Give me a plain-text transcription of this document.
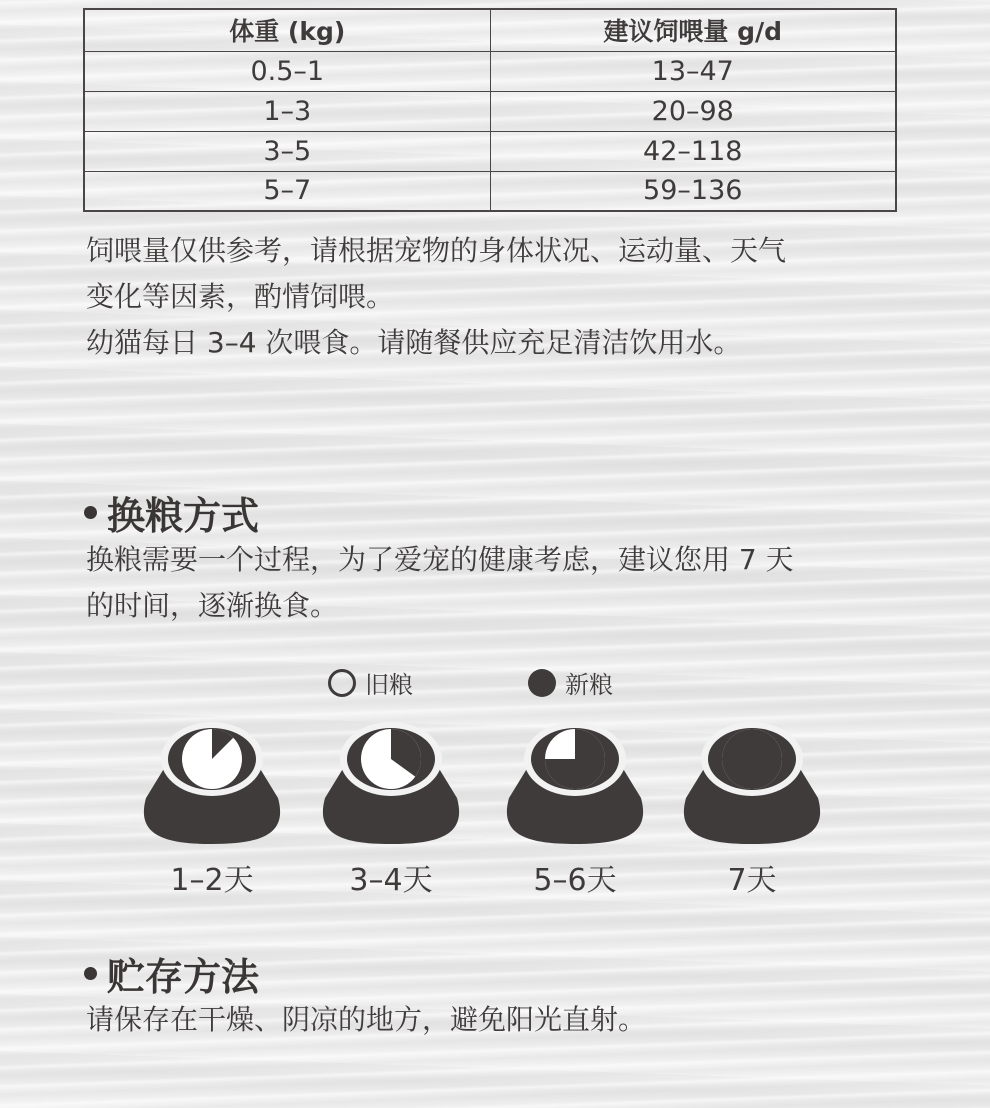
体重 (kg)	建议饲喂量 g/d
0.5–1	13–47
1–3	20–98
3–5	42–118
5–7	59–136
饲喂量仅供参考，请根据宠物的身体状况、运动量、天气
变化等因素，酌情饲喂。
幼猫每日 3–4 次喂食。请随餐供应充足清洁饮用水。
换粮方式
换粮需要一个过程，为了爱宠的健康考虑，建议您用 7 天
的时间，逐渐换食。
旧粮	新粮
1–2天	3–4天	5–6天	7天
贮存方法
请保存在干燥、阴凉的地方，避免阳光直射。
